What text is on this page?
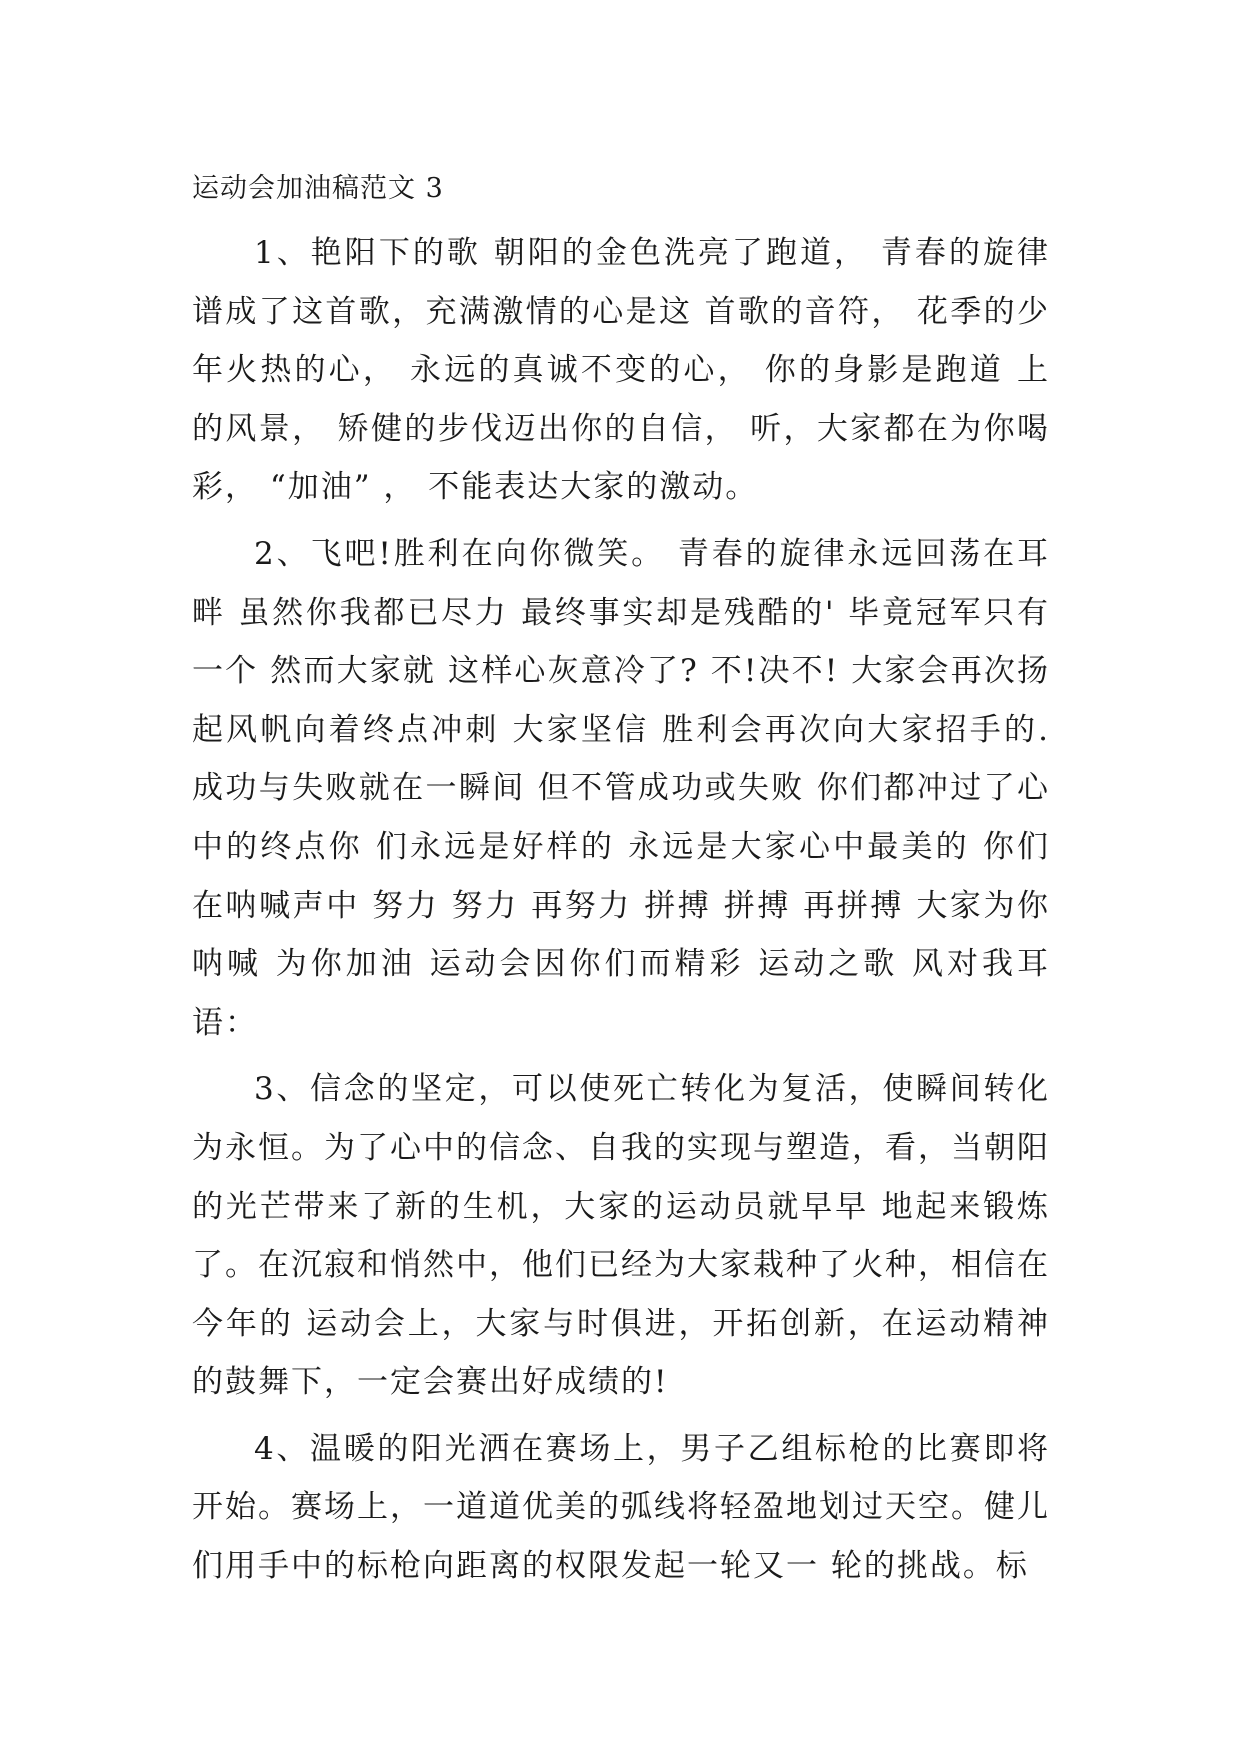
运动会加油稿范文 3

1、艳阳下的歌 朝阳的金色洗亮了跑道， 青春的旋律谱成了这首歌，充满激情的心是这 首歌的音符， 花季的少年火热的心， 永远的真诚不变的心， 你的身影是跑道 上的风景， 矫健的步伐迈出你的自信， 听，大家都在为你喝彩， “加油” ， 不能表达大家的激动。

2、飞吧!胜利在向你微笑。 青春的旋律永远回荡在耳畔 虽然你我都已尽力 最终事实却是残酷的' 毕竟冠军只有一个 然而大家就 这样心灰意冷了? 不!决不! 大家会再次扬起风帆向着终点冲刺 大家坚信 胜利会再次向大家招手的. 成功与失败就在一瞬间 但不管成功或失败 你们都冲过了心中的终点你 们永远是好样的 永远是大家心中最美的 你们在呐喊声中 努力 努力 再努力 拼搏 拼搏 再拼搏 大家为你呐喊 为你加油 运动会因你们而精彩 运动之歌 风对我耳语：

3、信念的坚定，可以使死亡转化为复活，使瞬间转化为永恒。为了心中的信念、自我的实现与塑造，看，当朝阳的光芒带来了新的生机，大家的运动员就早早 地起来锻炼了。在沉寂和悄然中，他们已经为大家栽种了火种，相信在今年的 运动会上，大家与时俱进，开拓创新，在运动精神的鼓舞下，一定会赛出好成绩的!

4、温暖的阳光洒在赛场上，男子乙组标枪的比赛即将开始。赛场上，一道道优美的弧线将轻盈地划过天空。健儿们用手中的标枪向距离的权限发起一轮又一 轮的挑战。标
